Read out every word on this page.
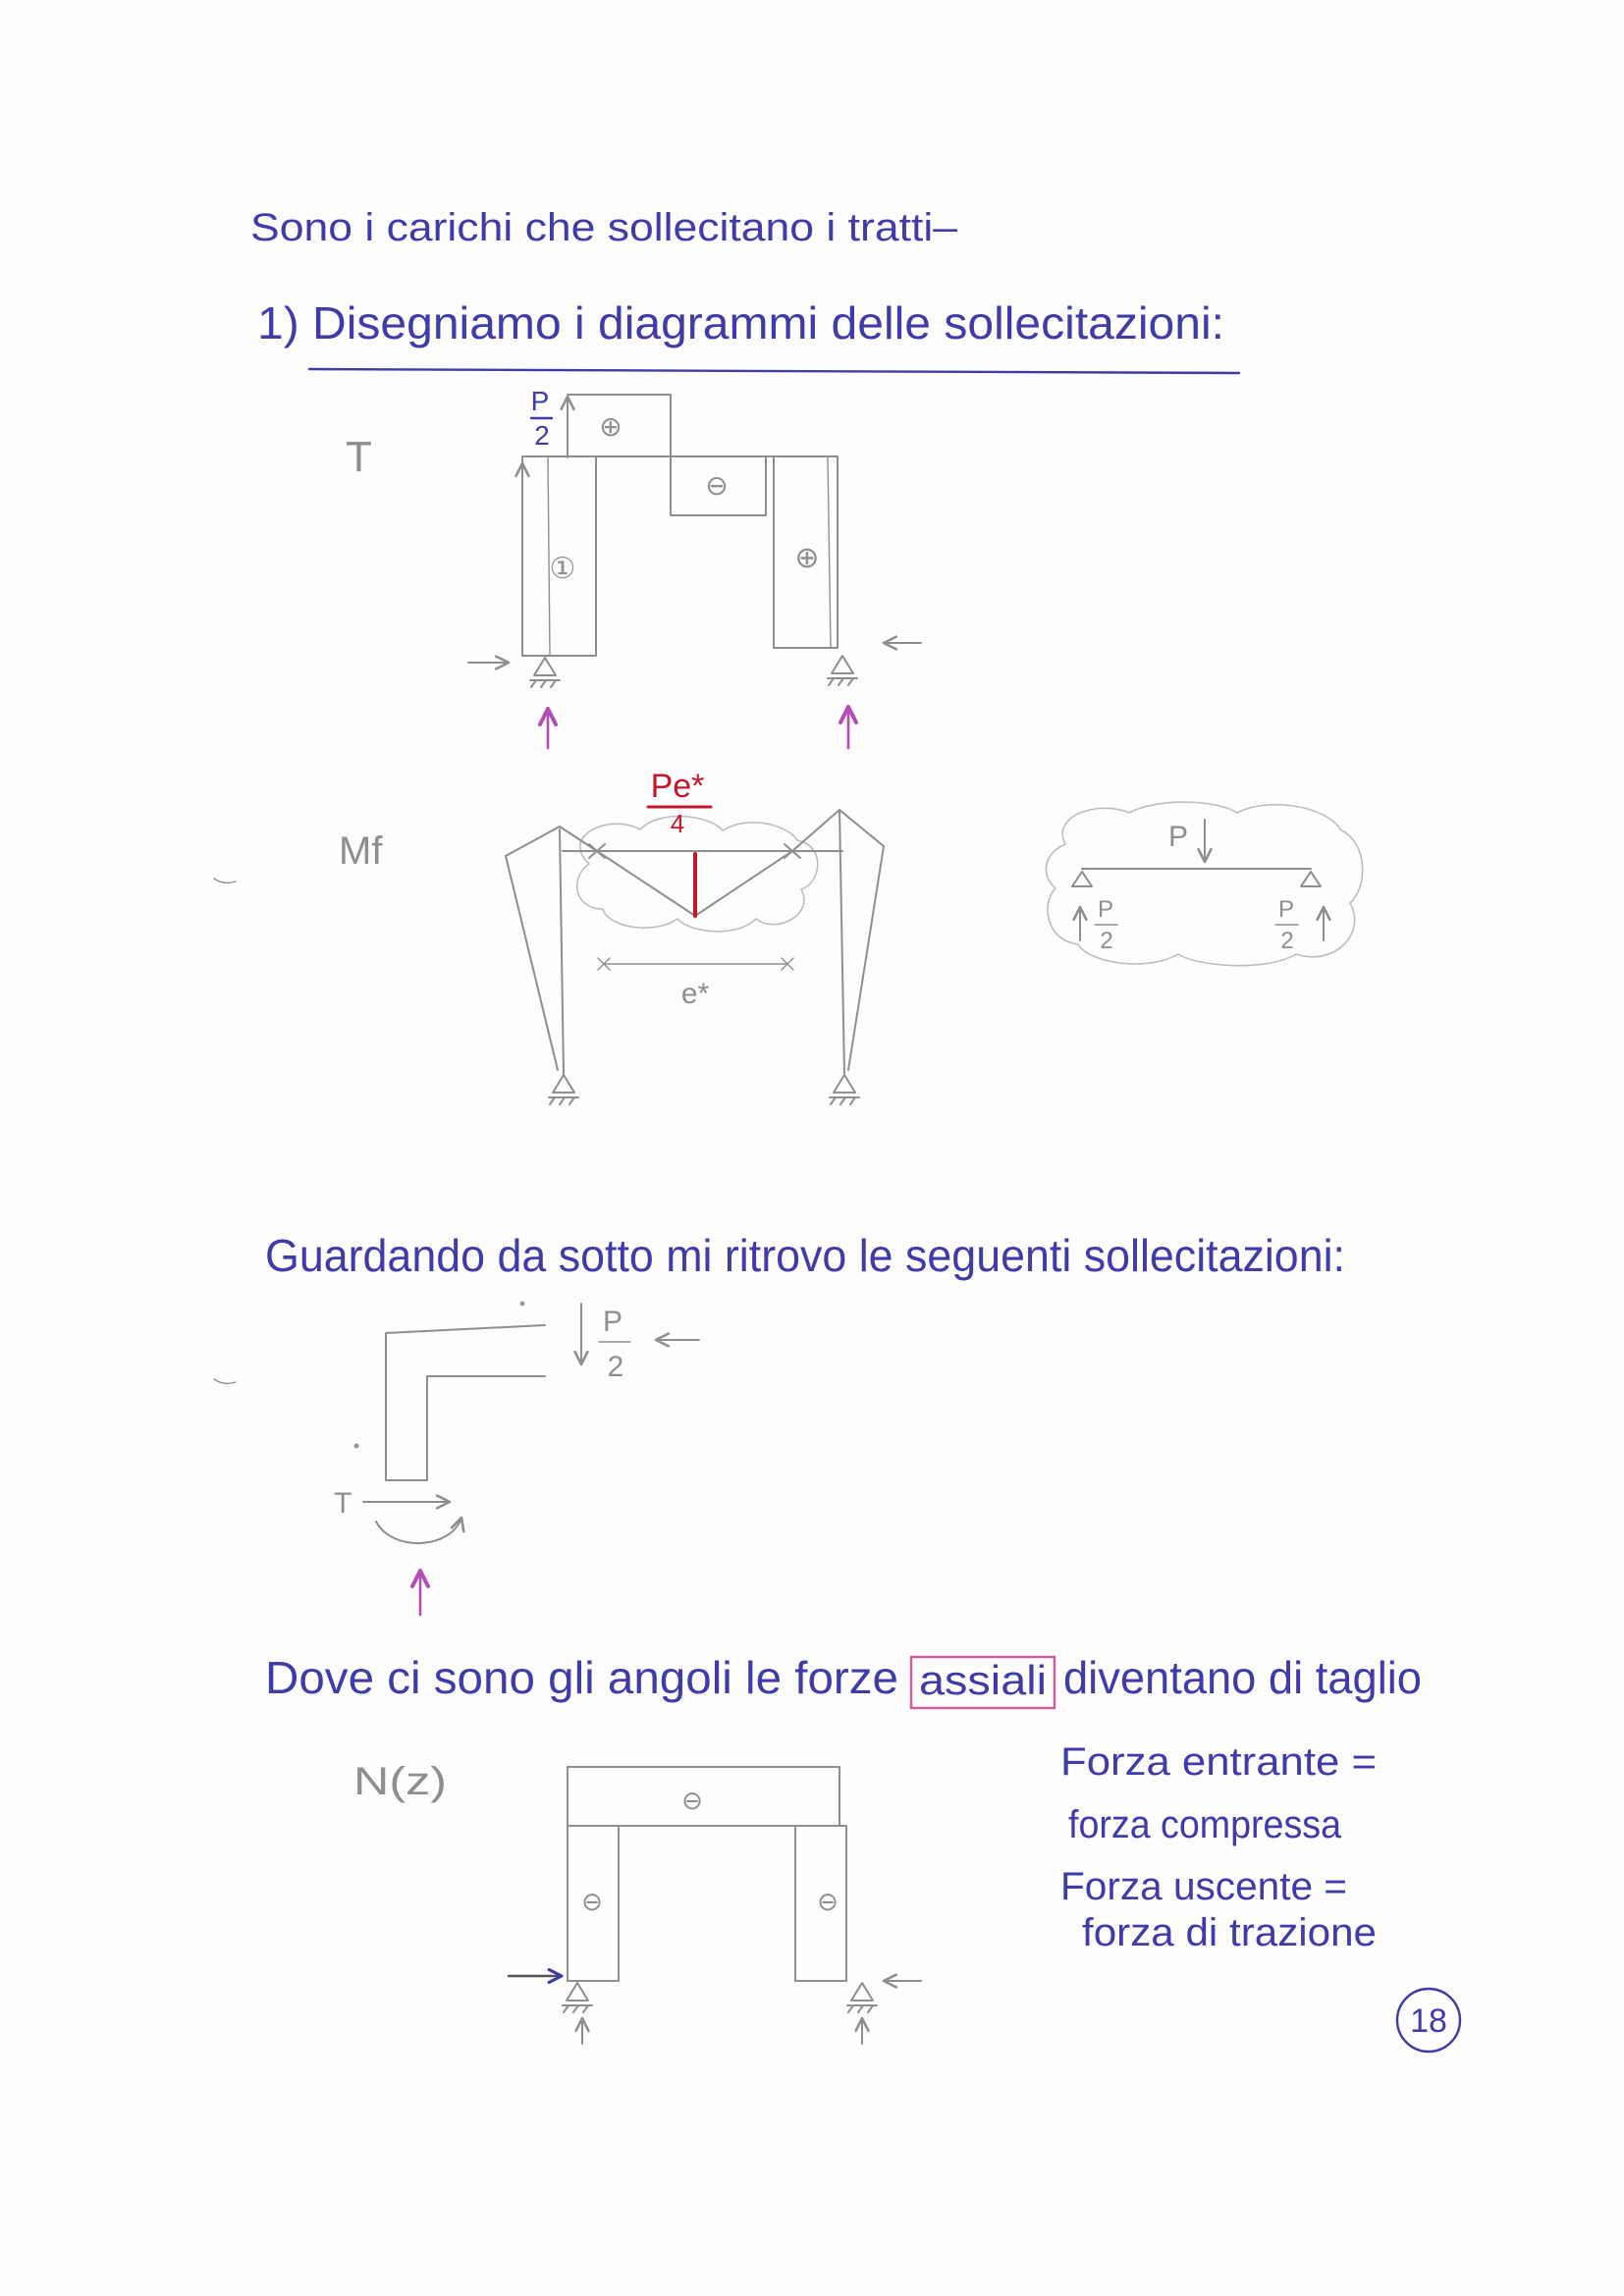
Sono i carichi che sollecitano i tratti–
1) Disegniamo i diagrammi delle sollecitazioni:
T
P
2
①
⊕
⊖
⊕
Mf
Pe*
4
e*
P
P
2
P
2
Guardando da sotto mi ritrovo le seguenti sollecitazioni:
P
2
T
Dove ci sono gli angoli le forze assiali diventano di taglio
N(z)	⊖
⊖	⊖
Forza entrante =
forza compressa
Forza uscente =
forza di trazione
18
